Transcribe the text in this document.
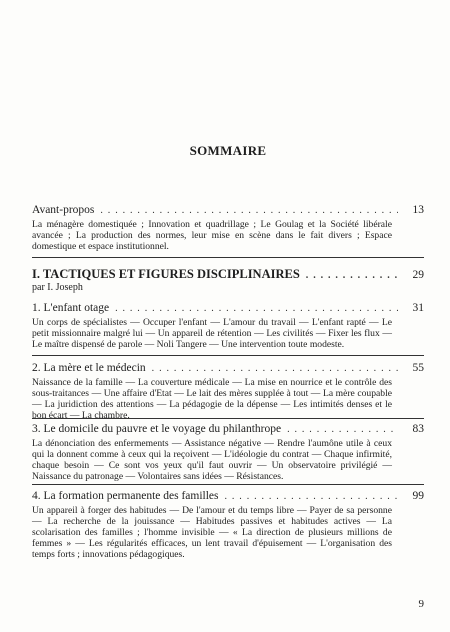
SOMMAIRE
Avant-propos . . .	13
La ménagère domestiquée ; Innovation et quadrillage ; Le Goulag et la Société libérale avancée ; La production des normes, leur mise en scène dans le fait divers ; Espace domestique et espace institutionnel.
I. TACTIQUES ET FIGURES DISCIPLINAIRES . . .	29
par I. Joseph
1. L'enfant otage . . .	31
Un corps de spécialistes — Occuper l'enfant — L'amour du travail — L'enfant rapté — Le petit missionnaire malgré lui — Un appareil de rétention — Les civilités — Fixer les flux — Le maître dispensé de parole — Noli Tangere — Une intervention toute modeste.
2. La mère et le médecin . . .	55
Naissance de la famille — La couverture médicale — La mise en nourrice et le contrôle des sous-traitances — Une affaire d'Etat — Le lait des mères supplée à tout — La mère coupable — La juridiction des attentions — La pédagogie de la dépense — Les intimités denses et le bon écart — La chambre.
3. Le domicile du pauvre et le voyage du philanthrope . . .	83
La dénonciation des enfermements — Assistance négative — Rendre l'aumône utile à ceux qui la donnent comme à ceux qui la reçoivent — L'idéologie du contrat — Chaque infirmité, chaque besoin — Ce sont vos yeux qu'il faut ouvrir — Un observatoire privilégié — Naissance du patronage — Volontaires sans idées — Résistances.
4. La formation permanente des familles . . .	99
Un appareil à forger des habitudes — De l'amour et du temps libre — Payer de sa personne — La recherche de la jouissance — Habitudes passives et habitudes actives — La scolarisation des familles ; l'homme invisible — « La direction de plusieurs millions de femmes » — Les régularités efficaces, un lent travail d'épuisement — L'organisation des temps forts ; innovations pédagogiques.
9
